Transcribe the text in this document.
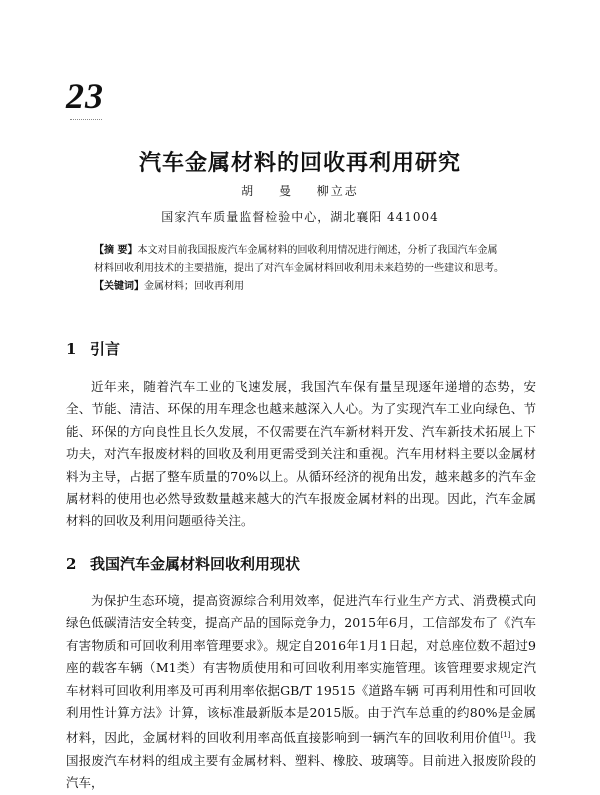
23
汽车金属材料的回收再利用研究
胡 曼 柳立志
国家汽车质量监督检验中心，湖北襄阳 441004

【摘 要】本文对目前我国报废汽车金属材料的回收利用情况进行阐述，分析了我国汽车金属材料回收利用技术的主要措施，提出了对汽车金属材料回收利用未来趋势的一些建议和思考。

【关键词】金属材料；回收再利用

1 引言

近年来，随着汽车工业的飞速发展，我国汽车保有量呈现逐年递增的态势，安全、节能、清洁、环保的用车理念也越来越深入人心。为了实现汽车工业向绿色、节能、环保的方向良性且长久发展，不仅需要在汽车新材料开发、汽车新技术拓展上下功夫，对汽车报废材料的回收及利用更需受到关注和重视。汽车用材料主要以金属材料为主导，占据了整车质量的70%以上。从循环经济的视角出发，越来越多的汽车金属材料的使用也必然导致数量越来越大的汽车报废金属材料的出现。因此，汽车金属材料的回收及利用问题亟待关注。

2 我国汽车金属材料回收利用现状

为保护生态环境，提高资源综合利用效率，促进汽车行业生产方式、消费模式向绿色低碳清洁安全转变，提高产品的国际竞争力，2015年6月，工信部发布了《汽车有害物质和可回收利用率管理要求》。规定自2016年1月1日起，对总座位数不超过9座的载客车辆（M1类）有害物质使用和可回收利用率实施管理。该管理要求规定汽车材料可回收利用率及可再利用率依据GB/T 19515《道路车辆 可再利用性和可回收利用性计算方法》计算，该标准最新版本是2015版。由于汽车总重的约80%是金属材料，因此，金属材料的回收利用率高低直接影响到一辆汽车的回收利用价值[1]。我国报废汽车材料的组成主要有金属材料、塑料、橡胶、玻璃等。目前进入报废阶段的汽车，
